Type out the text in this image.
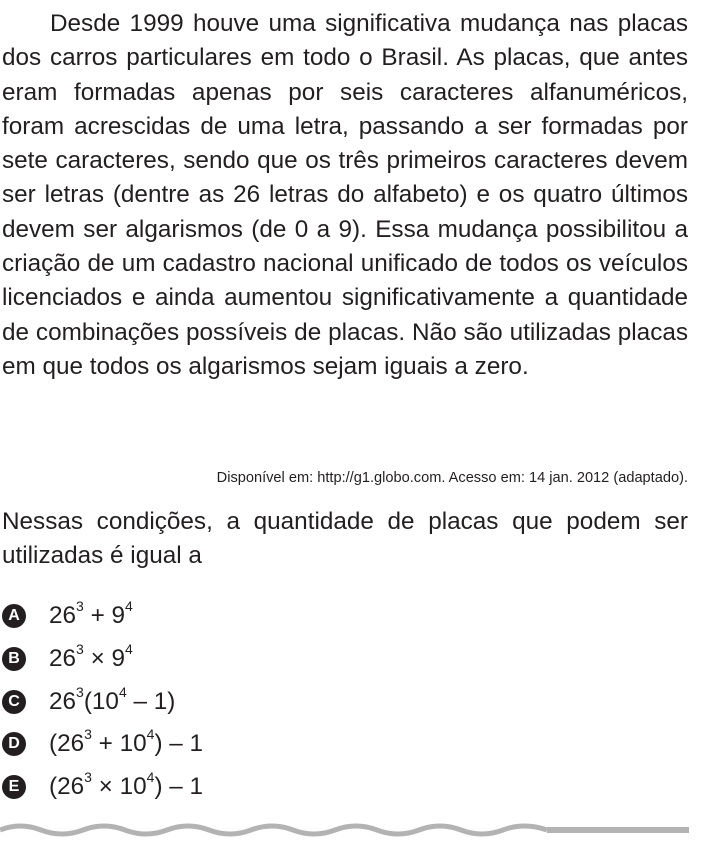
Desde 1999 houve uma significativa mudança nas placas dos carros particulares em todo o Brasil. As placas, que antes eram formadas apenas por seis caracteres alfanuméricos, foram acrescidas de uma letra, passando a ser formadas por sete caracteres, sendo que os três primeiros caracteres devem ser letras (dentre as 26 letras do alfabeto) e os quatro últimos devem ser algarismos (de 0 a 9). Essa mudança possibilitou a criação de um cadastro nacional unificado de todos os veículos licenciados e ainda aumentou significativamente a quantidade de combinações possíveis de placas. Não são utilizadas placas em que todos os algarismos sejam iguais a zero.

Disponível em: http://g1.globo.com. Acesso em: 14 jan. 2012 (adaptado).

Nessas condições, a quantidade de placas que podem ser utilizadas é igual a

A $26^3 + 9^4$
B $26^3 \times 9^4$
C $26^3(10^4 - 1)$
D $(26^3 + 10^4) - 1$
E $(26^3 \times 10^4) - 1$
